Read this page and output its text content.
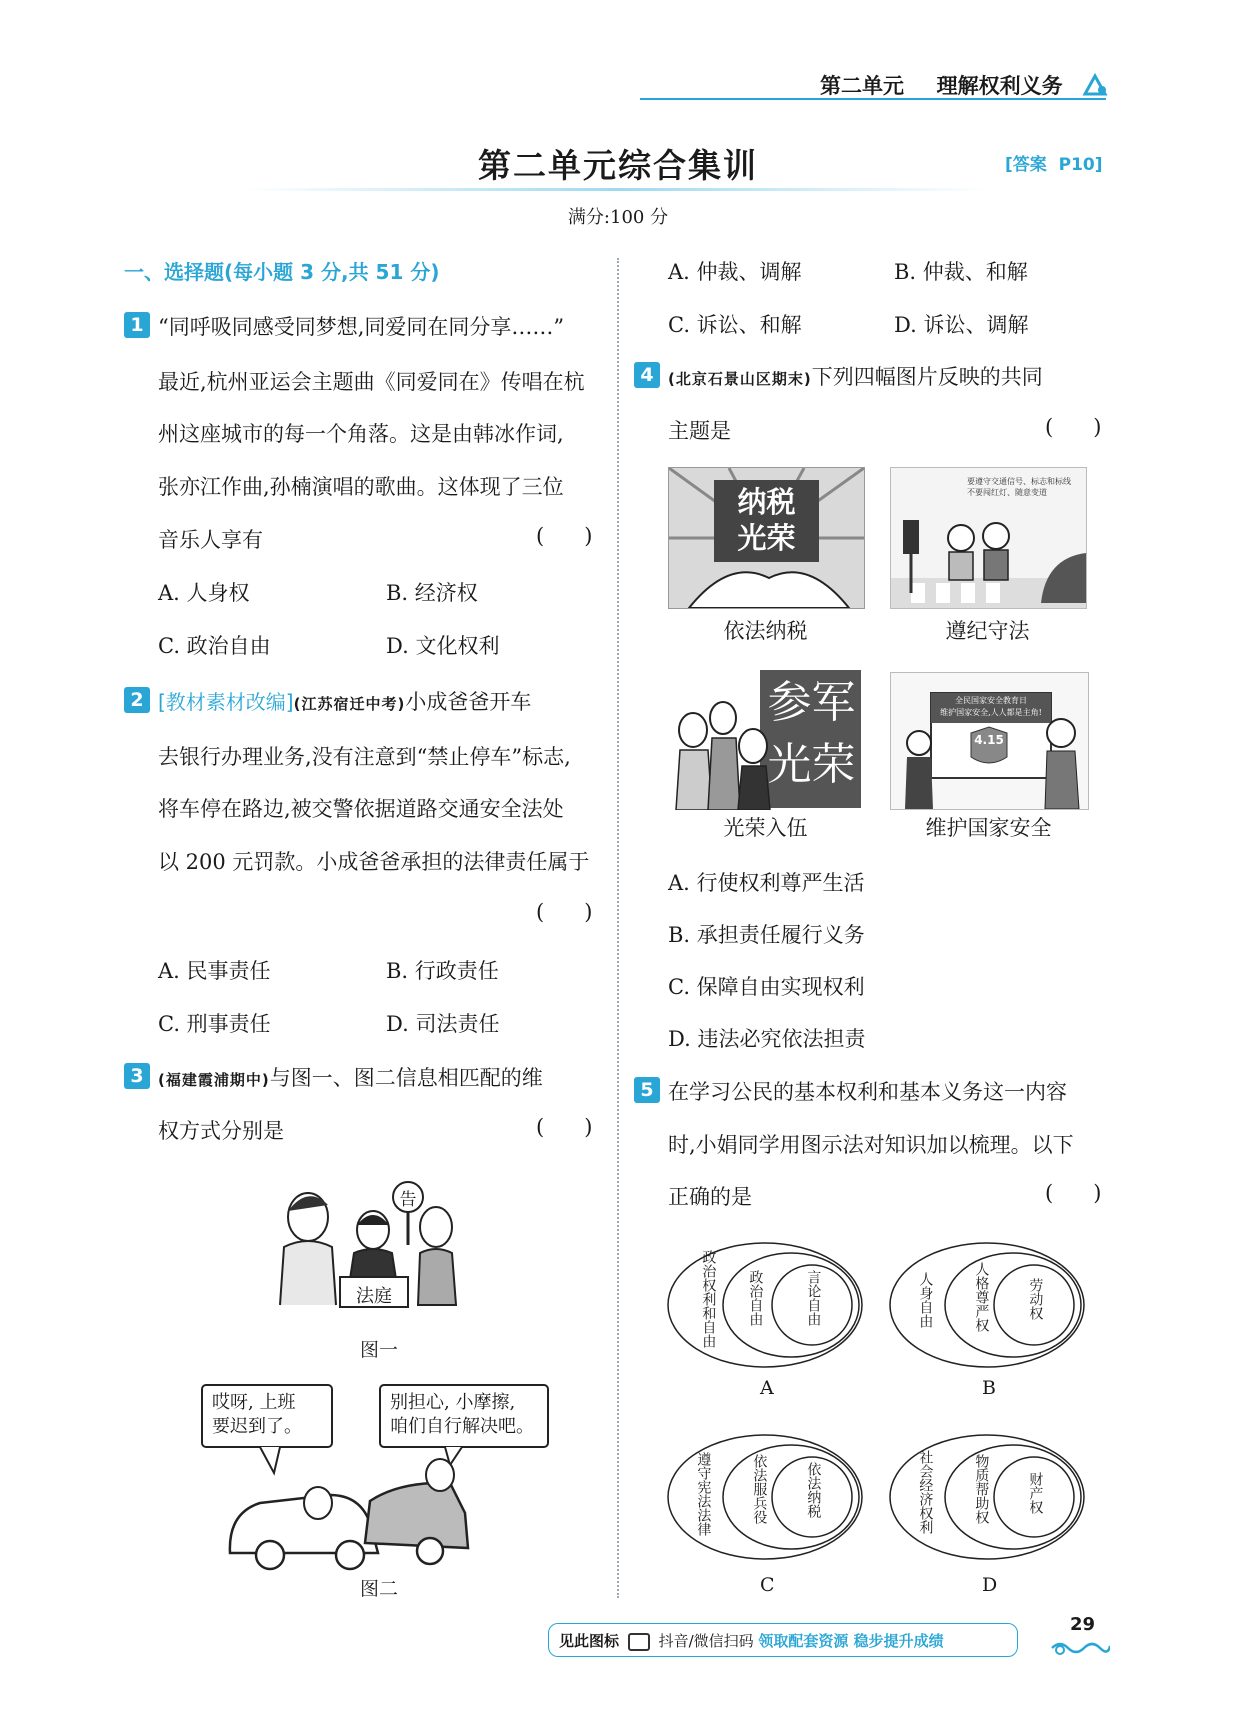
第二单元 理解权利义务
第二单元综合集训	[答案 P10]
满分:100 分
一、选择题(每小题 3 分,共 51 分)
1 “同呼吸同感受同梦想,同爱同在同分享……”
最近,杭州亚运会主题曲《同爱同在》传唱在杭
州这座城市的每一个角落。这是由韩冰作词,
张亦江作曲,孙楠演唱的歌曲。这体现了三位
音乐人享有	(      )
A. 人身权	B. 经济权
C. 政治自由	D. 文化权利
2 [教材素材改编](江苏宿迁中考)小成爸爸开车
去银行办理业务,没有注意到“禁止停车”标志,
将车停在路边,被交警依据道路交通安全法处
以 200 元罚款。小成爸爸承担的法律责任属于
(      )
A. 民事责任	B. 行政责任
C. 刑事责任	D. 司法责任
3 (福建霞浦期中)与图一、图二信息相匹配的维
权方式分别是	(      )
告
法庭
图一
哎呀, 上班
要迟到了。
别担心, 小摩擦,
咱们自行解决吧。
图二
A. 仲裁、调解	B. 仲裁、和解
C. 诉讼、和解	D. 诉讼、调解
4 (北京石景山区期末)下列四幅图片反映的共同
主题是	(      )
纳税
光荣
依法纳税
要遵守交通信号、标志和标线
不要闯红灯、随意变道
遵纪守法
参军
光荣
光荣入伍
全民国家安全教育日
维护国家安全,人人都是主角!
4.15
维护国家安全
A. 行使权利尊严生活
B. 承担责任履行义务
C. 保障自由实现权利
D. 违法必究依法担责
5 在学习公民的基本权利和基本义务这一内容
时,小娟同学用图示法对知识加以梳理。以下
正确的是	(      )
政治权利和自由 政治自由	言论自由
A
人身自由	人格尊严权	劳动权
B
遵守宪法法律	依法服兵役	依法纳税
C
社会经济权利	物质帮助权	财产权
D
见此图标	抖音/微信扫码 领取配套资源 稳步提升成绩
29
